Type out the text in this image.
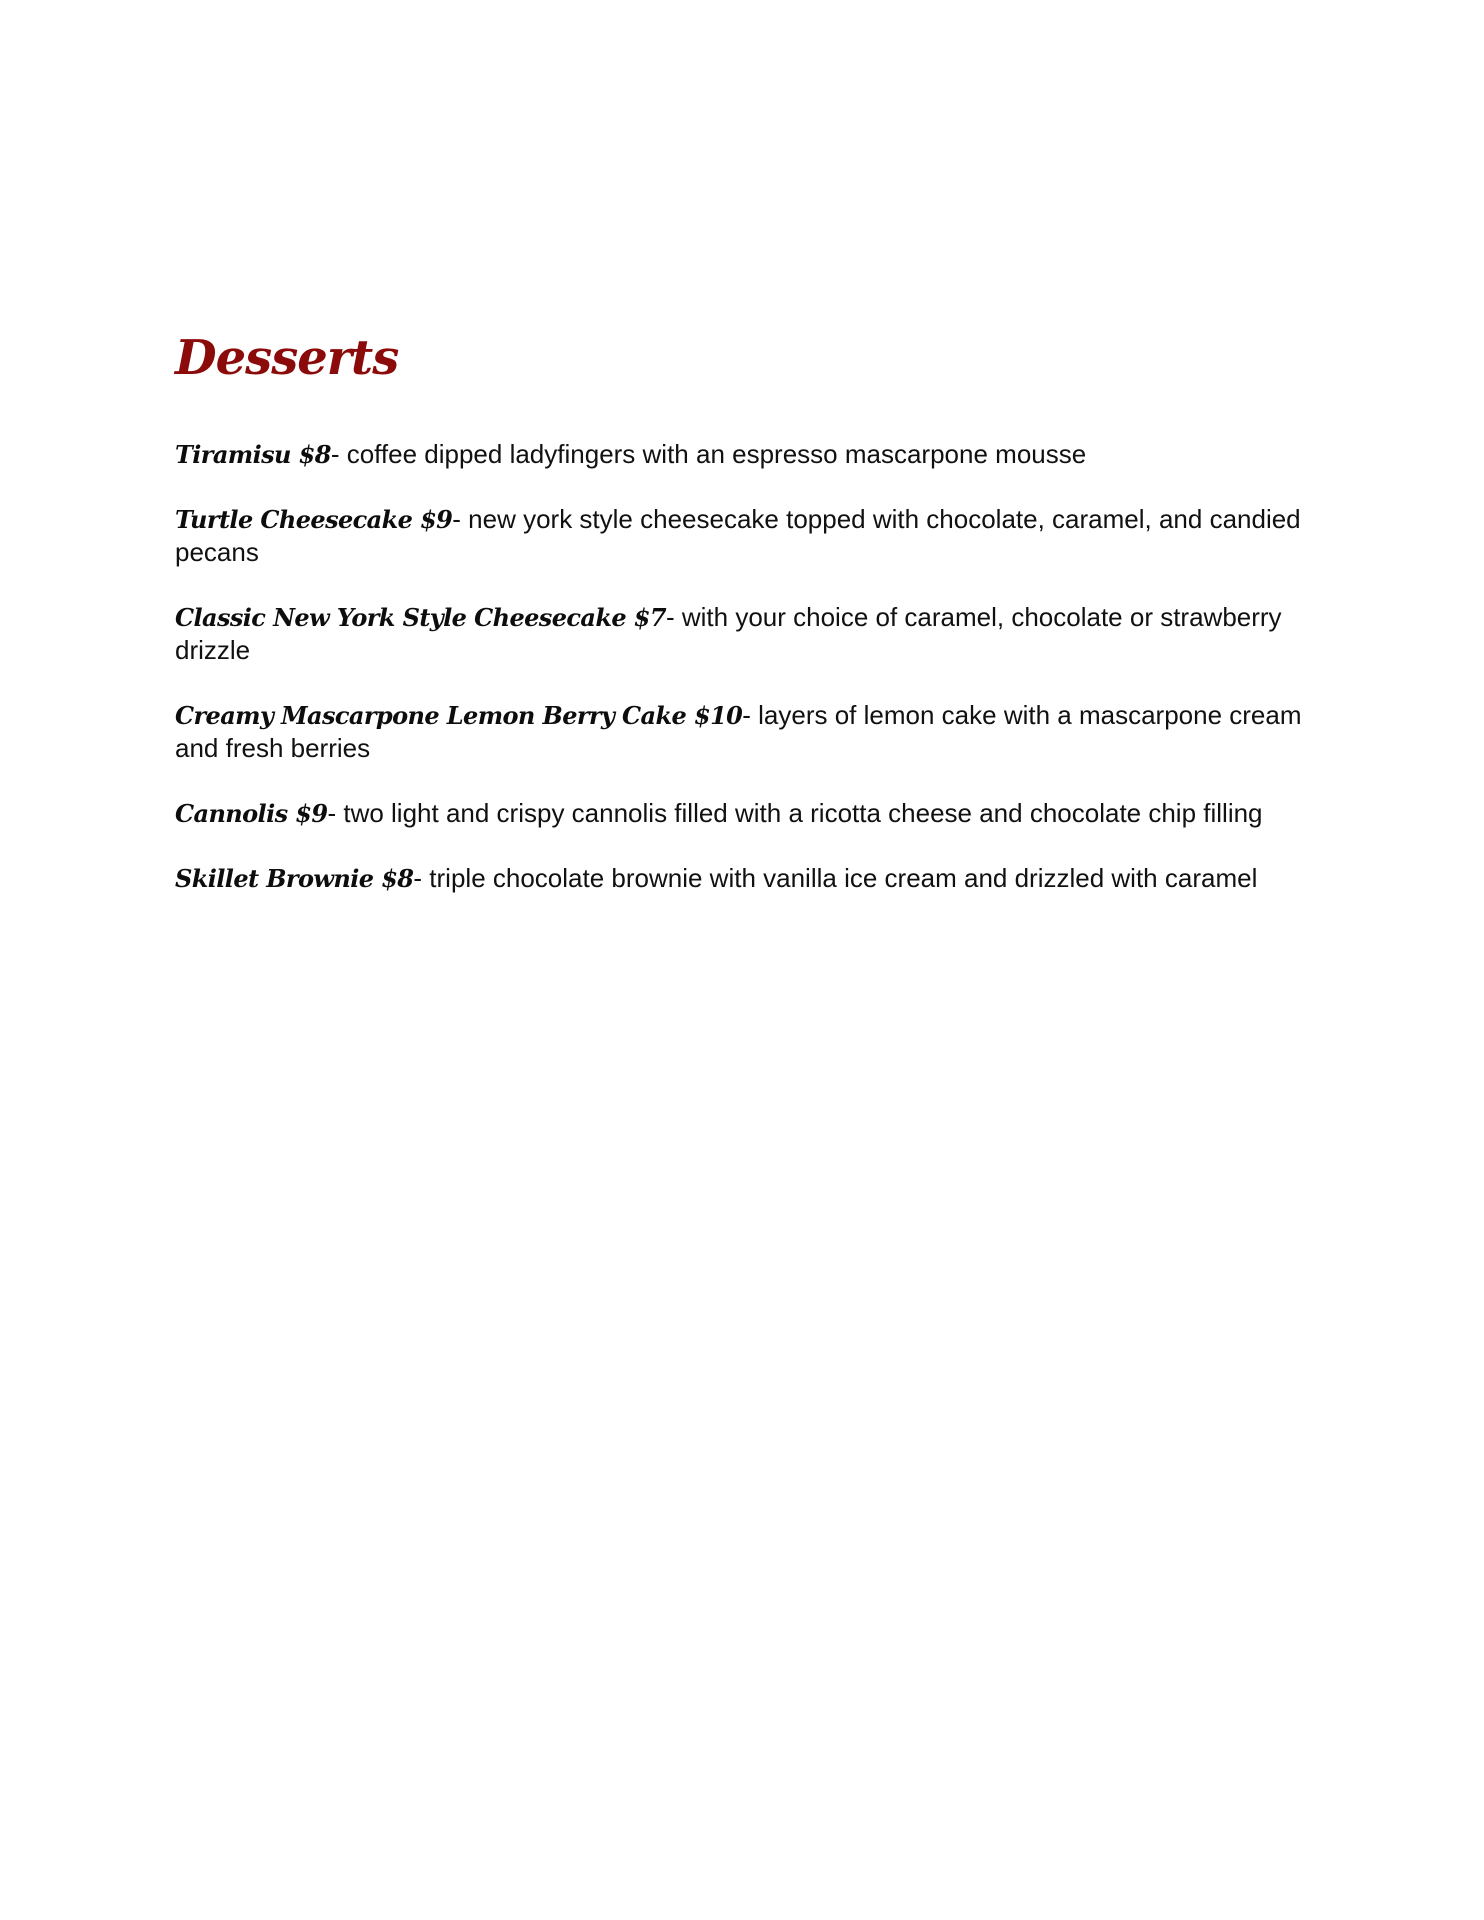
Desserts
Tiramisu $8- coffee dipped ladyfingers with an espresso mascarpone mousse
Turtle Cheesecake $9- new york style cheesecake topped with chocolate, caramel, and candied pecans
Classic New York Style Cheesecake $7- with your choice of caramel, chocolate or strawberry drizzle
Creamy Mascarpone Lemon Berry Cake $10- layers of lemon cake with a mascarpone cream and fresh berries
Cannolis $9- two light and crispy cannolis filled with a ricotta cheese and chocolate chip filling
Skillet Brownie $8- triple chocolate brownie with vanilla ice cream and drizzled with caramel
